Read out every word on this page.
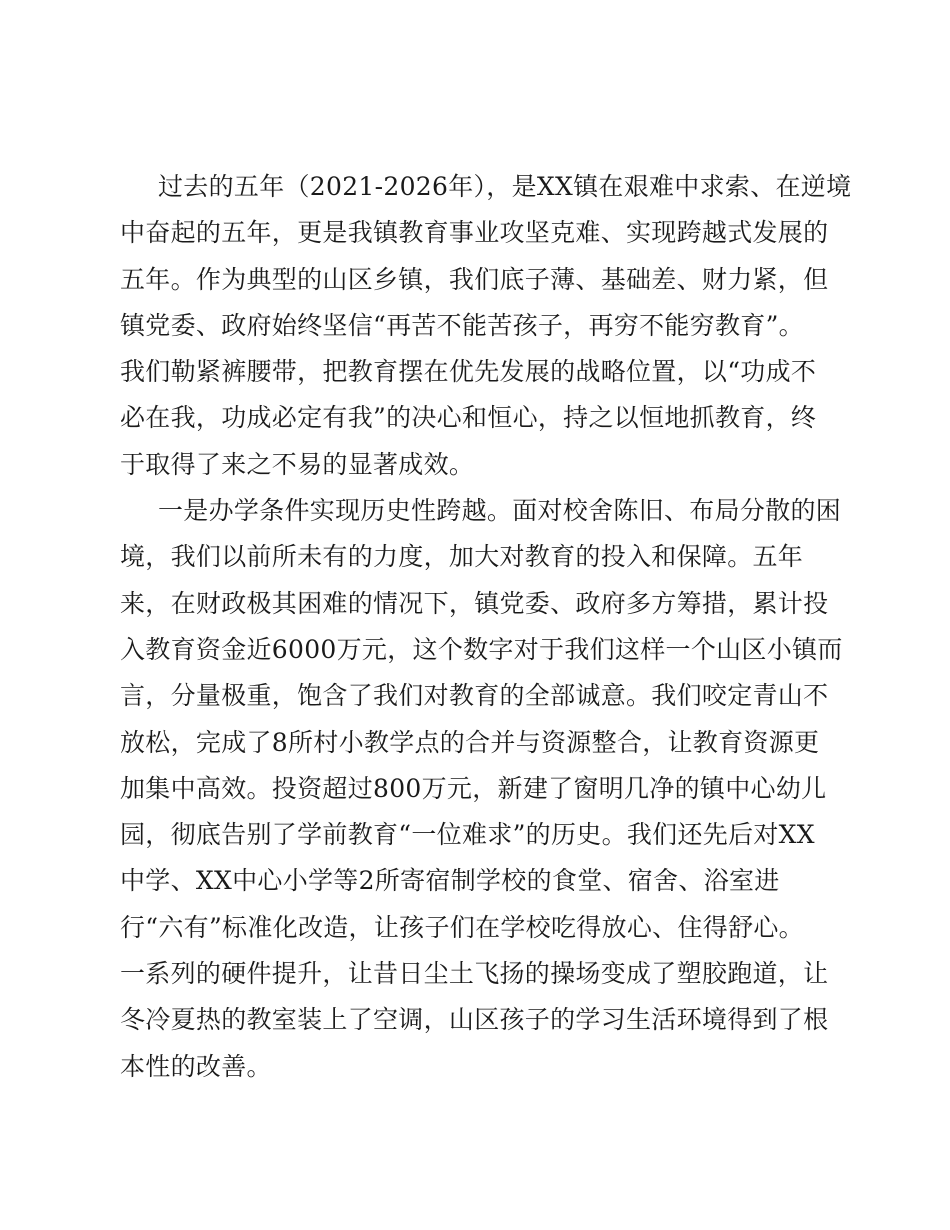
过去的五年（2021-2026年），是XX镇在艰难中求索、在逆境
中奋起的五年，更是我镇教育事业攻坚克难、实现跨越式发展的
五年。作为典型的山区乡镇，我们底子薄、基础差、财力紧，但
镇党委、政府始终坚信“再苦不能苦孩子，再穷不能穷教育”。
我们勒紧裤腰带，把教育摆在优先发展的战略位置，以“功成不
必在我，功成必定有我”的决心和恒心，持之以恒地抓教育，终
于取得了来之不易的显著成效。
一是办学条件实现历史性跨越。面对校舍陈旧、布局分散的困
境，我们以前所未有的力度，加大对教育的投入和保障。五年
来，在财政极其困难的情况下，镇党委、政府多方筹措，累计投
入教育资金近6000万元，这个数字对于我们这样一个山区小镇而
言，分量极重，饱含了我们对教育的全部诚意。我们咬定青山不
放松，完成了8所村小教学点的合并与资源整合，让教育资源更
加集中高效。投资超过800万元，新建了窗明几净的镇中心幼儿
园，彻底告别了学前教育“一位难求”的历史。我们还先后对XX
中学、XX中心小学等2所寄宿制学校的食堂、宿舍、浴室进
行“六有”标准化改造，让孩子们在学校吃得放心、住得舒心。
一系列的硬件提升，让昔日尘土飞扬的操场变成了塑胶跑道，让
冬冷夏热的教室装上了空调，山区孩子的学习生活环境得到了根
本性的改善。
